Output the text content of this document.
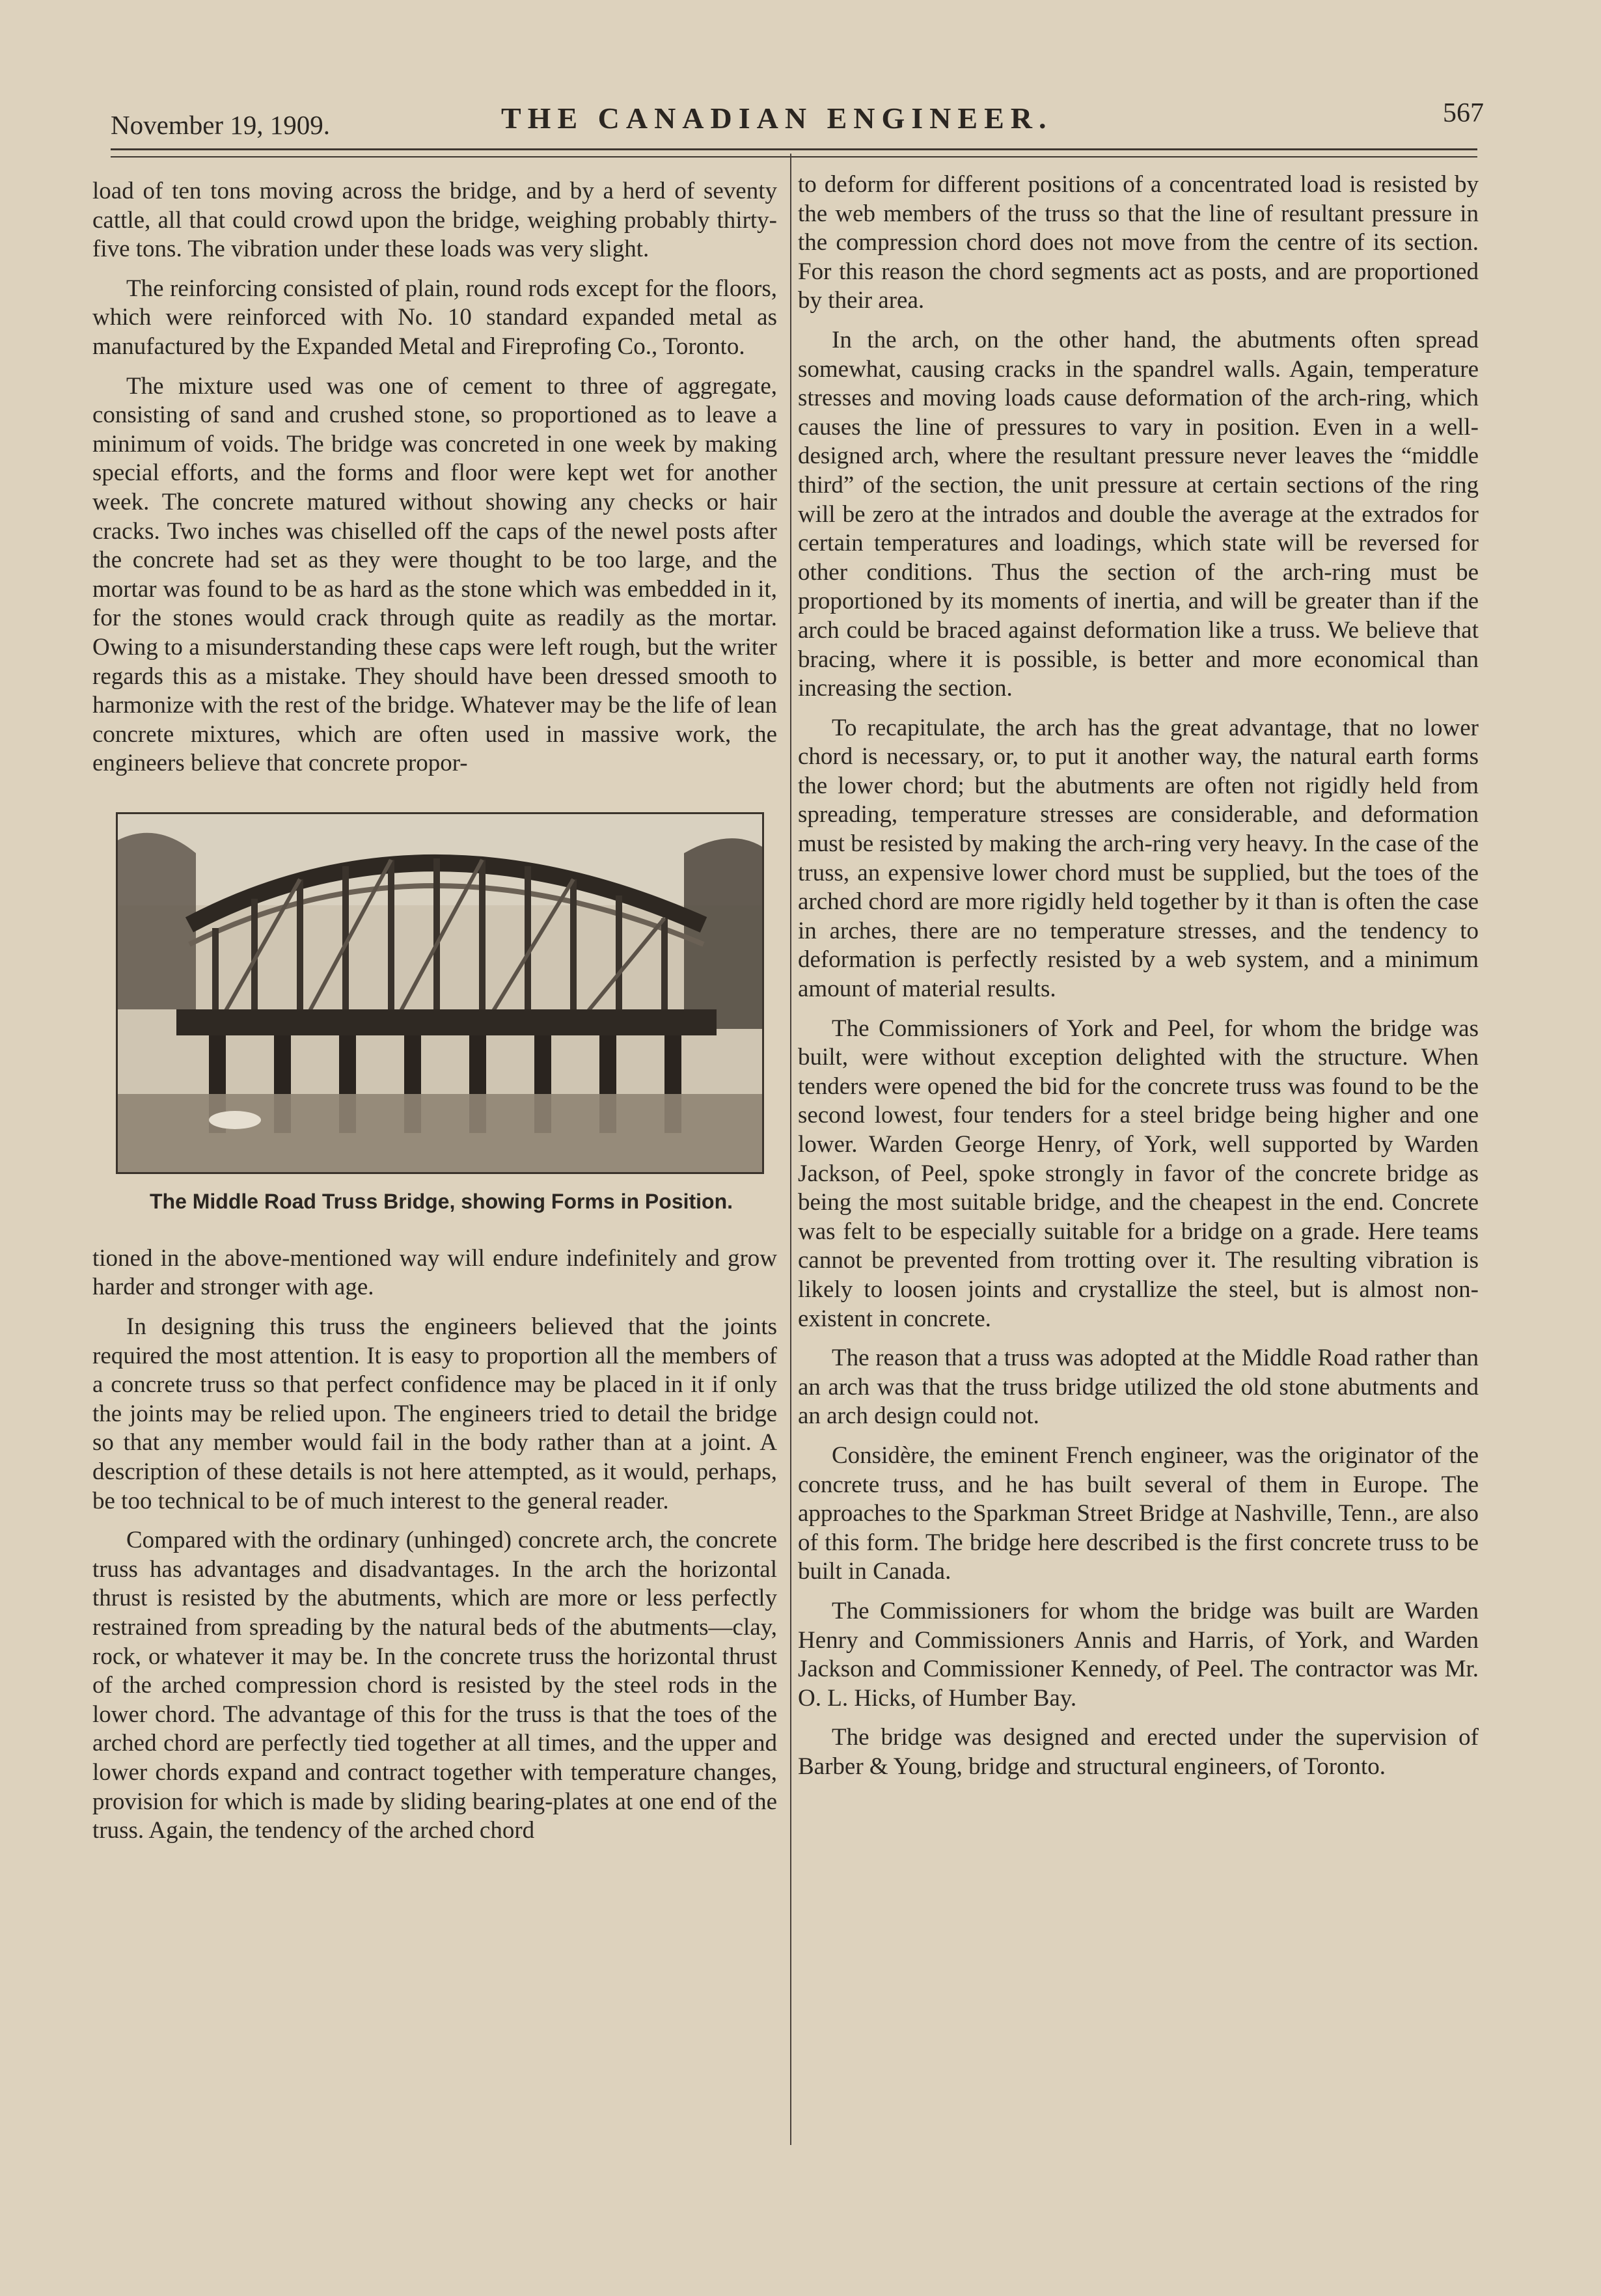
November 19, 1909.	THE CANADIAN ENGINEER.	567

load of ten tons moving across the bridge, and by a herd of seventy cattle, all that could crowd upon the bridge, weighing probably thirty-five tons. The vibration under these loads was very slight.

The reinforcing consisted of plain, round rods except for the floors, which were reinforced with No. 10 standard expanded metal as manufactured by the Expanded Metal and Fireprofing Co., Toronto.

The mixture used was one of cement to three of aggregate, consisting of sand and crushed stone, so proportioned as to leave a minimum of voids. The bridge was concreted in one week by making special efforts, and the forms and floor were kept wet for another week. The concrete matured without showing any checks or hair cracks. Two inches was chiselled off the caps of the newel posts after the concrete had set as they were thought to be too large, and the mortar was found to be as hard as the stone which was embedded in it, for the stones would crack through quite as readily as the mortar. Owing to a misunderstanding these caps were left rough, but the writer regards this as a mistake. They should have been dressed smooth to harmonize with the rest of the bridge. Whatever may be the life of lean concrete mixtures, which are often used in massive work, the engineers believe that concrete propor-

The Middle Road Truss Bridge, showing Forms in Position.

tioned in the above-mentioned way will endure indefinitely and grow harder and stronger with age.

In designing this truss the engineers believed that the joints required the most attention. It is easy to proportion all the members of a concrete truss so that perfect confidence may be placed in it if only the joints may be relied upon. The engineers tried to detail the bridge so that any member would fail in the body rather than at a joint. A description of these details is not here attempted, as it would, perhaps, be too technical to be of much interest to the general reader.

Compared with the ordinary (unhinged) concrete arch, the concrete truss has advantages and disadvantages. In the arch the horizontal thrust is resisted by the abutments, which are more or less perfectly restrained from spreading by the natural beds of the abutments—clay, rock, or whatever it may be. In the concrete truss the horizontal thrust of the arched compression chord is resisted by the steel rods in the lower chord. The advantage of this for the truss is that the toes of the arched chord are perfectly tied together at all times, and the upper and lower chords expand and contract together with temperature changes, provision for which is made by sliding bearing-plates at one end of the truss. Again, the tendency of the arched chord

to deform for different positions of a concentrated load is resisted by the web members of the truss so that the line of resultant pressure in the compression chord does not move from the centre of its section. For this reason the chord segments act as posts, and are proportioned by their area.

In the arch, on the other hand, the abutments often spread somewhat, causing cracks in the spandrel walls. Again, temperature stresses and moving loads cause deformation of the arch-ring, which causes the line of pressures to vary in position. Even in a well-designed arch, where the resultant pressure never leaves the “middle third” of the section, the unit pressure at certain sections of the ring will be zero at the intrados and double the average at the extrados for certain temperatures and loadings, which state will be reversed for other conditions. Thus the section of the arch-ring must be proportioned by its moments of inertia, and will be greater than if the arch could be braced against deformation like a truss. We believe that bracing, where it is possible, is better and more economical than increasing the section.

To recapitulate, the arch has the great advantage, that no lower chord is necessary, or, to put it another way, the natural earth forms the lower chord; but the abutments are often not rigidly held from spreading, temperature stresses are considerable, and deformation must be resisted by making the arch-ring very heavy. In the case of the truss, an expensive lower chord must be supplied, but the toes of the arched chord are more rigidly held together by it than is often the case in arches, there are no temperature stresses, and the tendency to deformation is perfectly resisted by a web system, and a minimum amount of material results.

The Commissioners of York and Peel, for whom the bridge was built, were without exception delighted with the structure. When tenders were opened the bid for the concrete truss was found to be the second lowest, four tenders for a steel bridge being higher and one lower. Warden George Henry, of York, well supported by Warden Jackson, of Peel, spoke strongly in favor of the concrete bridge as being the most suitable bridge, and the cheapest in the end. Concrete was felt to be especially suitable for a bridge on a grade. Here teams cannot be prevented from trotting over it. The resulting vibration is likely to loosen joints and crystallize the steel, but is almost non-existent in concrete.

The reason that a truss was adopted at the Middle Road rather than an arch was that the truss bridge utilized the old stone abutments and an arch design could not.

Considère, the eminent French engineer, was the originator of the concrete truss, and he has built several of them in Europe. The approaches to the Sparkman Street Bridge at Nashville, Tenn., are also of this form. The bridge here described is the first concrete truss to be built in Canada.

The Commissioners for whom the bridge was built are Warden Henry and Commissioners Annis and Harris, of York, and Warden Jackson and Commissioner Kennedy, of Peel. The contractor was Mr. O. L. Hicks, of Humber Bay.

The bridge was designed and erected under the supervision of Barber & Young, bridge and structural engineers, of Toronto.
